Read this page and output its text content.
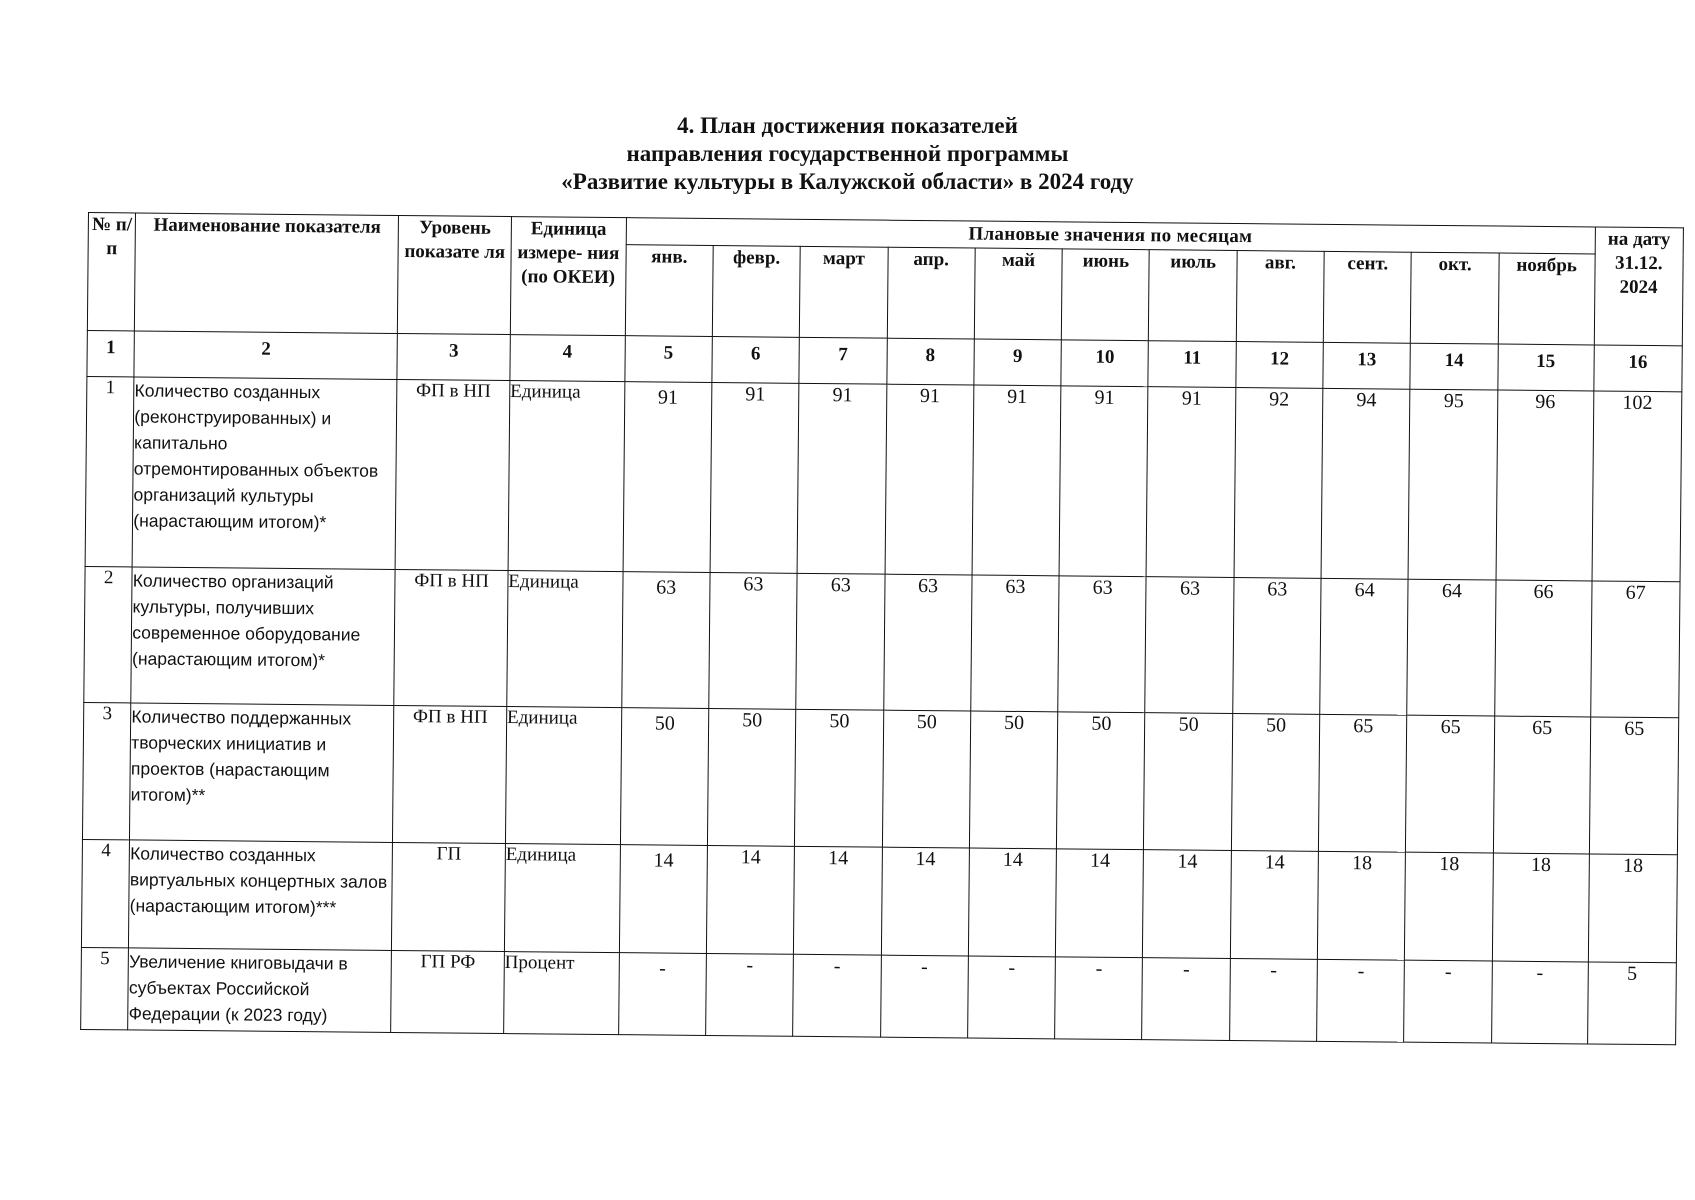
4. План достижения показателей
направления государственной программы
«Развитие культуры в Калужской области» в 2024 году
№ п/п	Наименование показателя	Уровень показате ля	Единица измере- ния (по ОКЕИ)	Плановые значения по месяцам											на дату 31.12. 2024
				янв.	февр.	март	апр.	май	июнь	июль	авг.	сент.	окт.	ноябрь	
1	2	3	4	5	6	7	8	9	10	11	12	13	14	15	16
1	Количество созданных (реконструированных) и капитально отремонтированных объектов организаций культуры (нарастающим итогом)*	ФП в НП	Единица	91	91	91	91	91	91	91	92	94	95	96	102
2	Количество организаций культуры, получивших современное оборудование (нарастающим итогом)*	ФП в НП	Единица	63	63	63	63	63	63	63	63	64	64	66	67
3	Количество поддержанных творческих инициатив и проектов (нарастающим итогом)**	ФП в НП	Единица	50	50	50	50	50	50	50	50	65	65	65	65
4	Количество созданных виртуальных концертных залов (нарастающим итогом)***	ГП	Единица	14	14	14	14	14	14	14	14	18	18	18	18
5	Увеличение книговыдачи в субъектах Российской Федерации (к 2023 году)	ГП РФ	Процент	-	-	-	-	-	-	-	-	-	-	-	5
